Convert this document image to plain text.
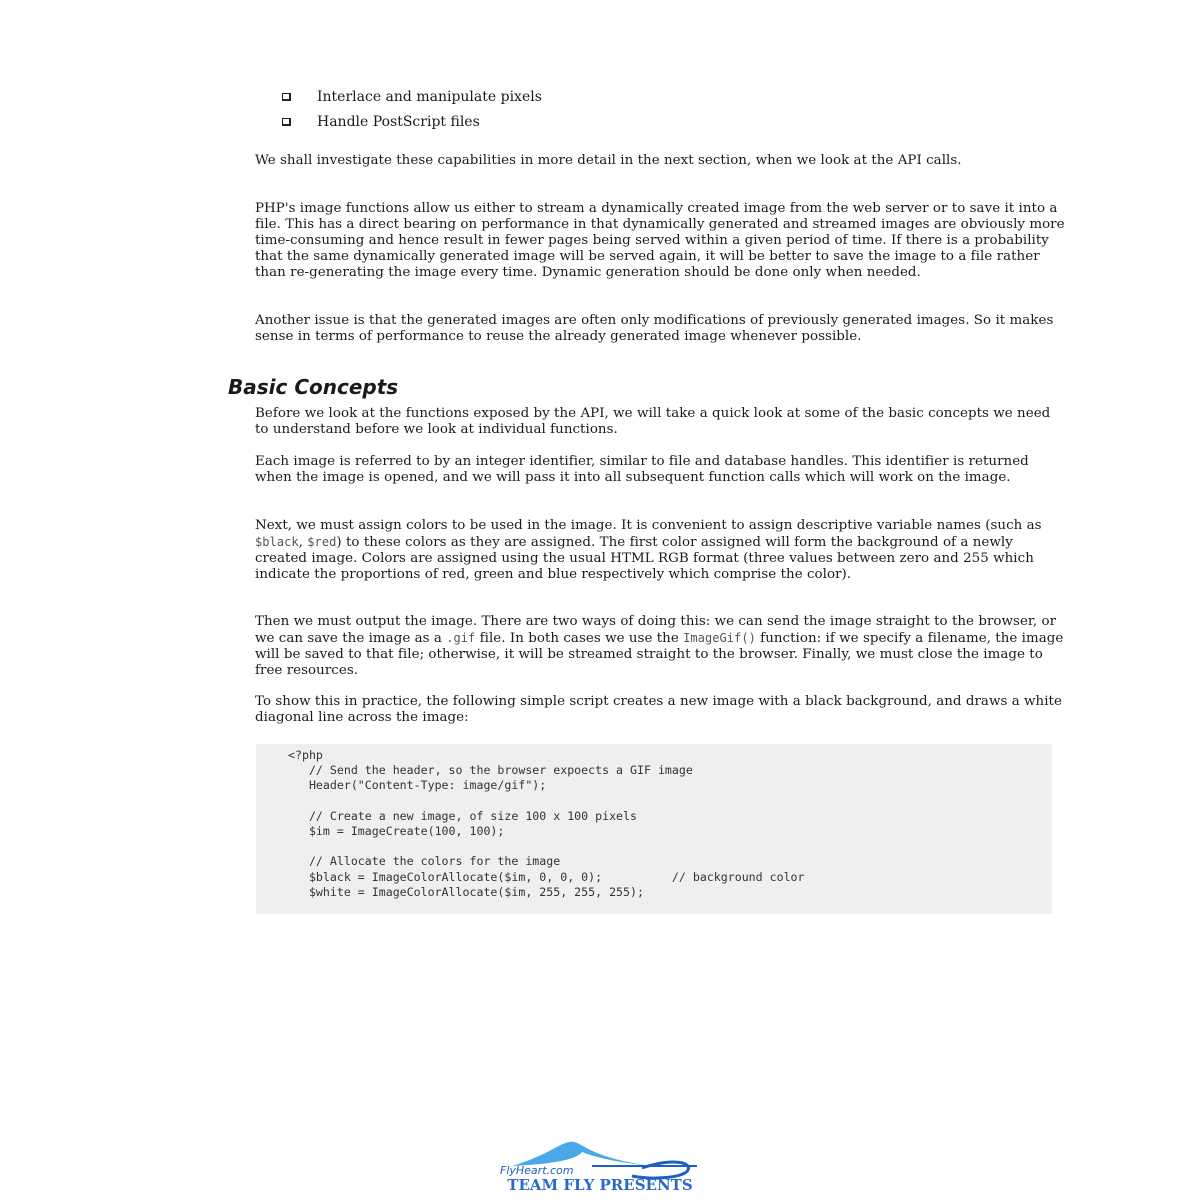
Interlace and manipulate pixels
Handle PostScript files

We shall investigate these capabilities in more detail in the next section, when we look at the API calls.

PHP's image functions allow us either to stream a dynamically created image from the web server or to save it into a file. This has a direct bearing on performance in that dynamically generated and streamed images are obviously more time-consuming and hence result in fewer pages being served within a given period of time. If there is a probability that the same dynamically generated image will be served again, it will be better to save the image to a file rather than re-generating the image every time. Dynamic generation should be done only when needed.

Another issue is that the generated images are often only modifications of previously generated images. So it makes sense in terms of performance to reuse the already generated image whenever possible.

Basic Concepts

Before we look at the functions exposed by the API, we will take a quick look at some of the basic concepts we need to understand before we look at individual functions.

Each image is referred to by an integer identifier, similar to file and database handles. This identifier is returned when the image is opened, and we will pass it into all subsequent function calls which will work on the image.

Next, we must assign colors to be used in the image. It is convenient to assign descriptive variable names (such as $black, $red) to these colors as they are assigned. The first color assigned will form the background of a newly created image. Colors are assigned using the usual HTML RGB format (three values between zero and 255 which indicate the proportions of red, green and blue respectively which comprise the color).

Then we must output the image. There are two ways of doing this: we can send the image straight to the browser, or we can save the image as a .gif file. In both cases we use the ImageGif() function: if we specify a filename, the image will be saved to that file; otherwise, it will be streamed straight to the browser. Finally, we must close the image to free resources.

To show this in practice, the following simple script creates a new image with a black background, and draws a white diagonal line across the image:

<?php
// Send the header, so the browser expoects a GIF image
Header("Content-Type: image/gif");

// Create a new image, of size 100 x 100 pixels
$im = ImageCreate(100, 100);

// Allocate the colors for the image
$black = ImageColorAllocate($im, 0, 0, 0);          // background color
$white = ImageColorAllocate($im, 255, 255, 255);
FlyHeart.com
TEAM FLY PRESENTS
